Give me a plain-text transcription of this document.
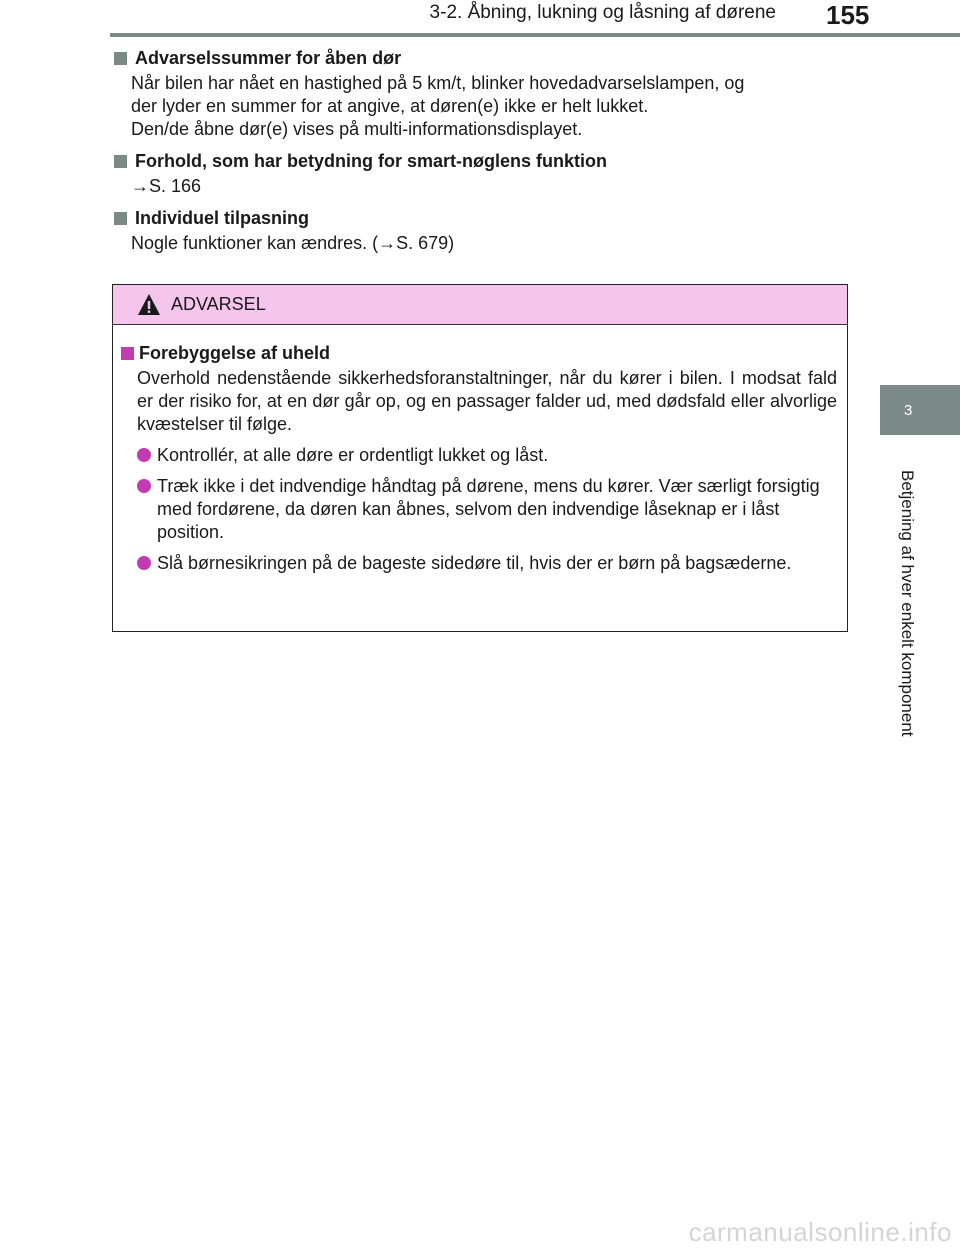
3-2. Åbning, lukning og låsning af dørene 155
3
Betjening af hver enkelt komponent
Advarselssummer for åben dør
Når bilen har nået en hastighed på 5 km/t, blinker hovedadvarselslampen, og
der lyder en summer for at angive, at døren(e) ikke er helt lukket.
Den/de åbne dør(e) vises på multi-informationsdisplayet.
Forhold, som har betydning for smart-nøglens funktion
→S. 166
Individuel tilpasning
Nogle funktioner kan ændres. (→S. 679)
ADVARSEL
Forebyggelse af uheld
Overhold nedenstående sikkerhedsforanstaltninger, når du kører i bilen. I modsat fald er der risiko for, at en dør går op, og en passager falder ud, med dødsfald eller alvorlige kvæstelser til følge.
Kontrollér, at alle døre er ordentligt lukket og låst.
Træk ikke i det indvendige håndtag på dørene, mens du kører. Vær særligt forsigtig med fordørene, da døren kan åbnes, selvom den indvendige låseknap er i låst position.
Slå børnesikringen på de bageste sidedøre til, hvis der er børn på bagsæderne.
carmanualsonline.info
